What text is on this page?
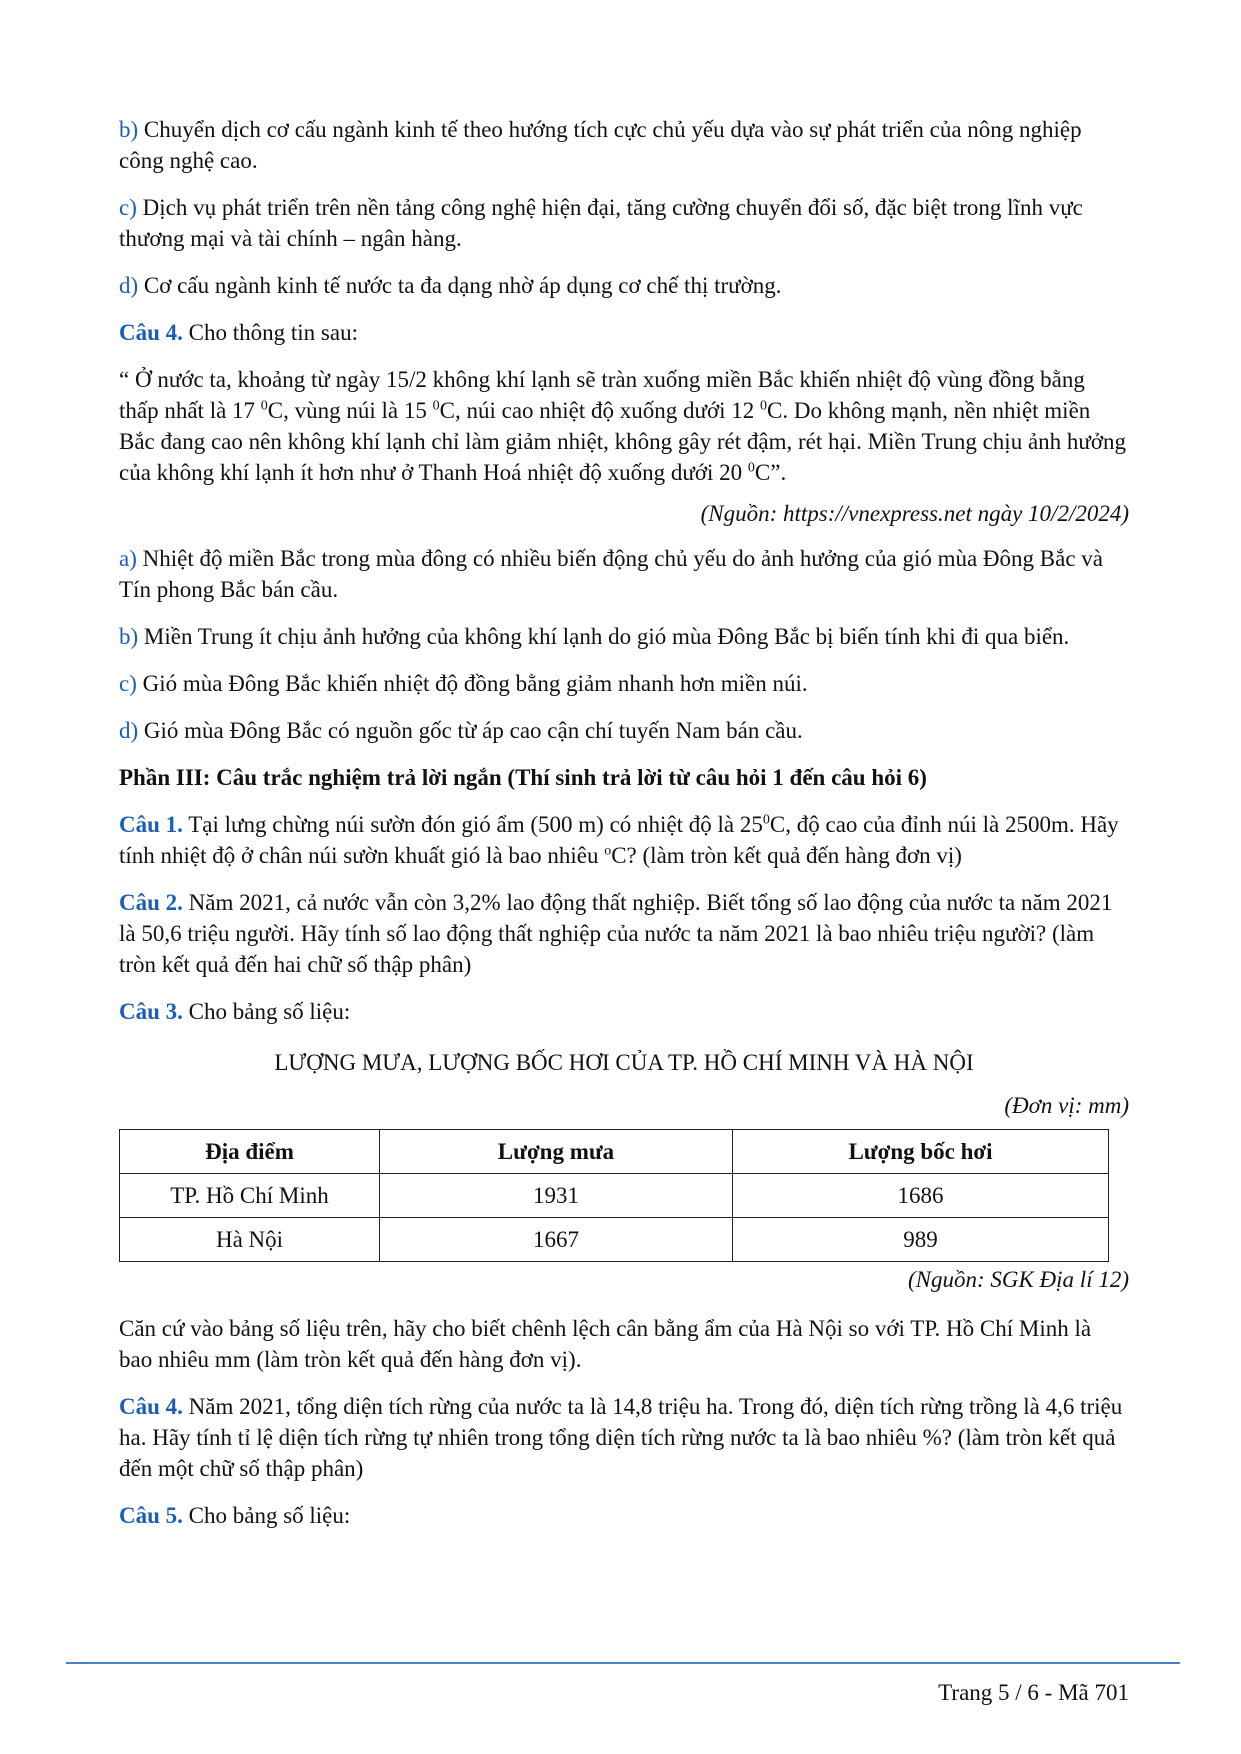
b) Chuyển dịch cơ cấu ngành kinh tế theo hướng tích cực chủ yếu dựa vào sự phát triển của nông nghiệp công nghệ cao.

c) Dịch vụ phát triển trên nền tảng công nghệ hiện đại, tăng cường chuyển đổi số, đặc biệt trong lĩnh vực thương mại và tài chính – ngân hàng.

d) Cơ cấu ngành kinh tế nước ta đa dạng nhờ áp dụng cơ chế thị trường.

Câu 4. Cho thông tin sau:

“ Ở nước ta, khoảng từ ngày 15/2 không khí lạnh sẽ tràn xuống miền Bắc khiến nhiệt độ vùng đồng bằng thấp nhất là 17 $^0$C, vùng núi là 15 $^0$C, núi cao nhiệt độ xuống dưới 12 $^0$C. Do không mạnh, nền nhiệt miền Bắc đang cao nên không khí lạnh chỉ làm giảm nhiệt, không gây rét đậm, rét hại. Miền Trung chịu ảnh hưởng của không khí lạnh ít hơn như ở Thanh Hoá nhiệt độ xuống dưới 20 $^0$C”.

(Nguồn: https://vnexpress.net ngày 10/2/2024)

a) Nhiệt độ miền Bắc trong mùa đông có nhiều biến động chủ yếu do ảnh hưởng của gió mùa Đông Bắc và Tín phong Bắc bán cầu.

b) Miền Trung ít chịu ảnh hưởng của không khí lạnh do gió mùa Đông Bắc bị biến tính khi đi qua biển.

c) Gió mùa Đông Bắc khiến nhiệt độ đồng bằng giảm nhanh hơn miền núi.

d) Gió mùa Đông Bắc có nguồn gốc từ áp cao cận chí tuyến Nam bán cầu.

Phần III: Câu trắc nghiệm trả lời ngắn (Thí sinh trả lời từ câu hỏi 1 đến câu hỏi 6)

Câu 1. Tại lưng chừng núi sườn đón gió ẩm (500 m) có nhiệt độ là $25^0C$, độ cao của đỉnh núi là 2500m. Hãy tính nhiệt độ ở chân núi sườn khuất gió là bao nhiêu $^o$C? (làm tròn kết quả đến hàng đơn vị)

Câu 2. Năm 2021, cả nước vẫn còn 3,2% lao động thất nghiệp. Biết tổng số lao động của nước ta năm 2021 là 50,6 triệu người. Hãy tính số lao động thất nghiệp của nước ta năm 2021 là bao nhiêu triệu người? (làm tròn kết quả đến hai chữ số thập phân)

Câu 3. Cho bảng số liệu:

LƯỢNG MƯA, LƯỢNG BỐC HƠI CỦA TP. HỒ CHÍ MINH VÀ HÀ NỘI

(Đơn vị: mm)

Địa điểm	Lượng mưa	Lượng bốc hơi
TP. Hồ Chí Minh	1931	1686
Hà Nội	1667	989

(Nguồn: SGK Địa lí 12)

Căn cứ vào bảng số liệu trên, hãy cho biết chênh lệch cân bằng ẩm của Hà Nội so với TP. Hồ Chí Minh là bao nhiêu mm (làm tròn kết quả đến hàng đơn vị).

Câu 4. Năm 2021, tổng diện tích rừng của nước ta là 14,8 triệu ha. Trong đó, diện tích rừng trồng là 4,6 triệu ha. Hãy tính tỉ lệ diện tích rừng tự nhiên trong tổng diện tích rừng nước ta là bao nhiêu %? (làm tròn kết quả đến một chữ số thập phân)

Câu 5. Cho bảng số liệu:

Trang 5 / 6 - Mã 701
